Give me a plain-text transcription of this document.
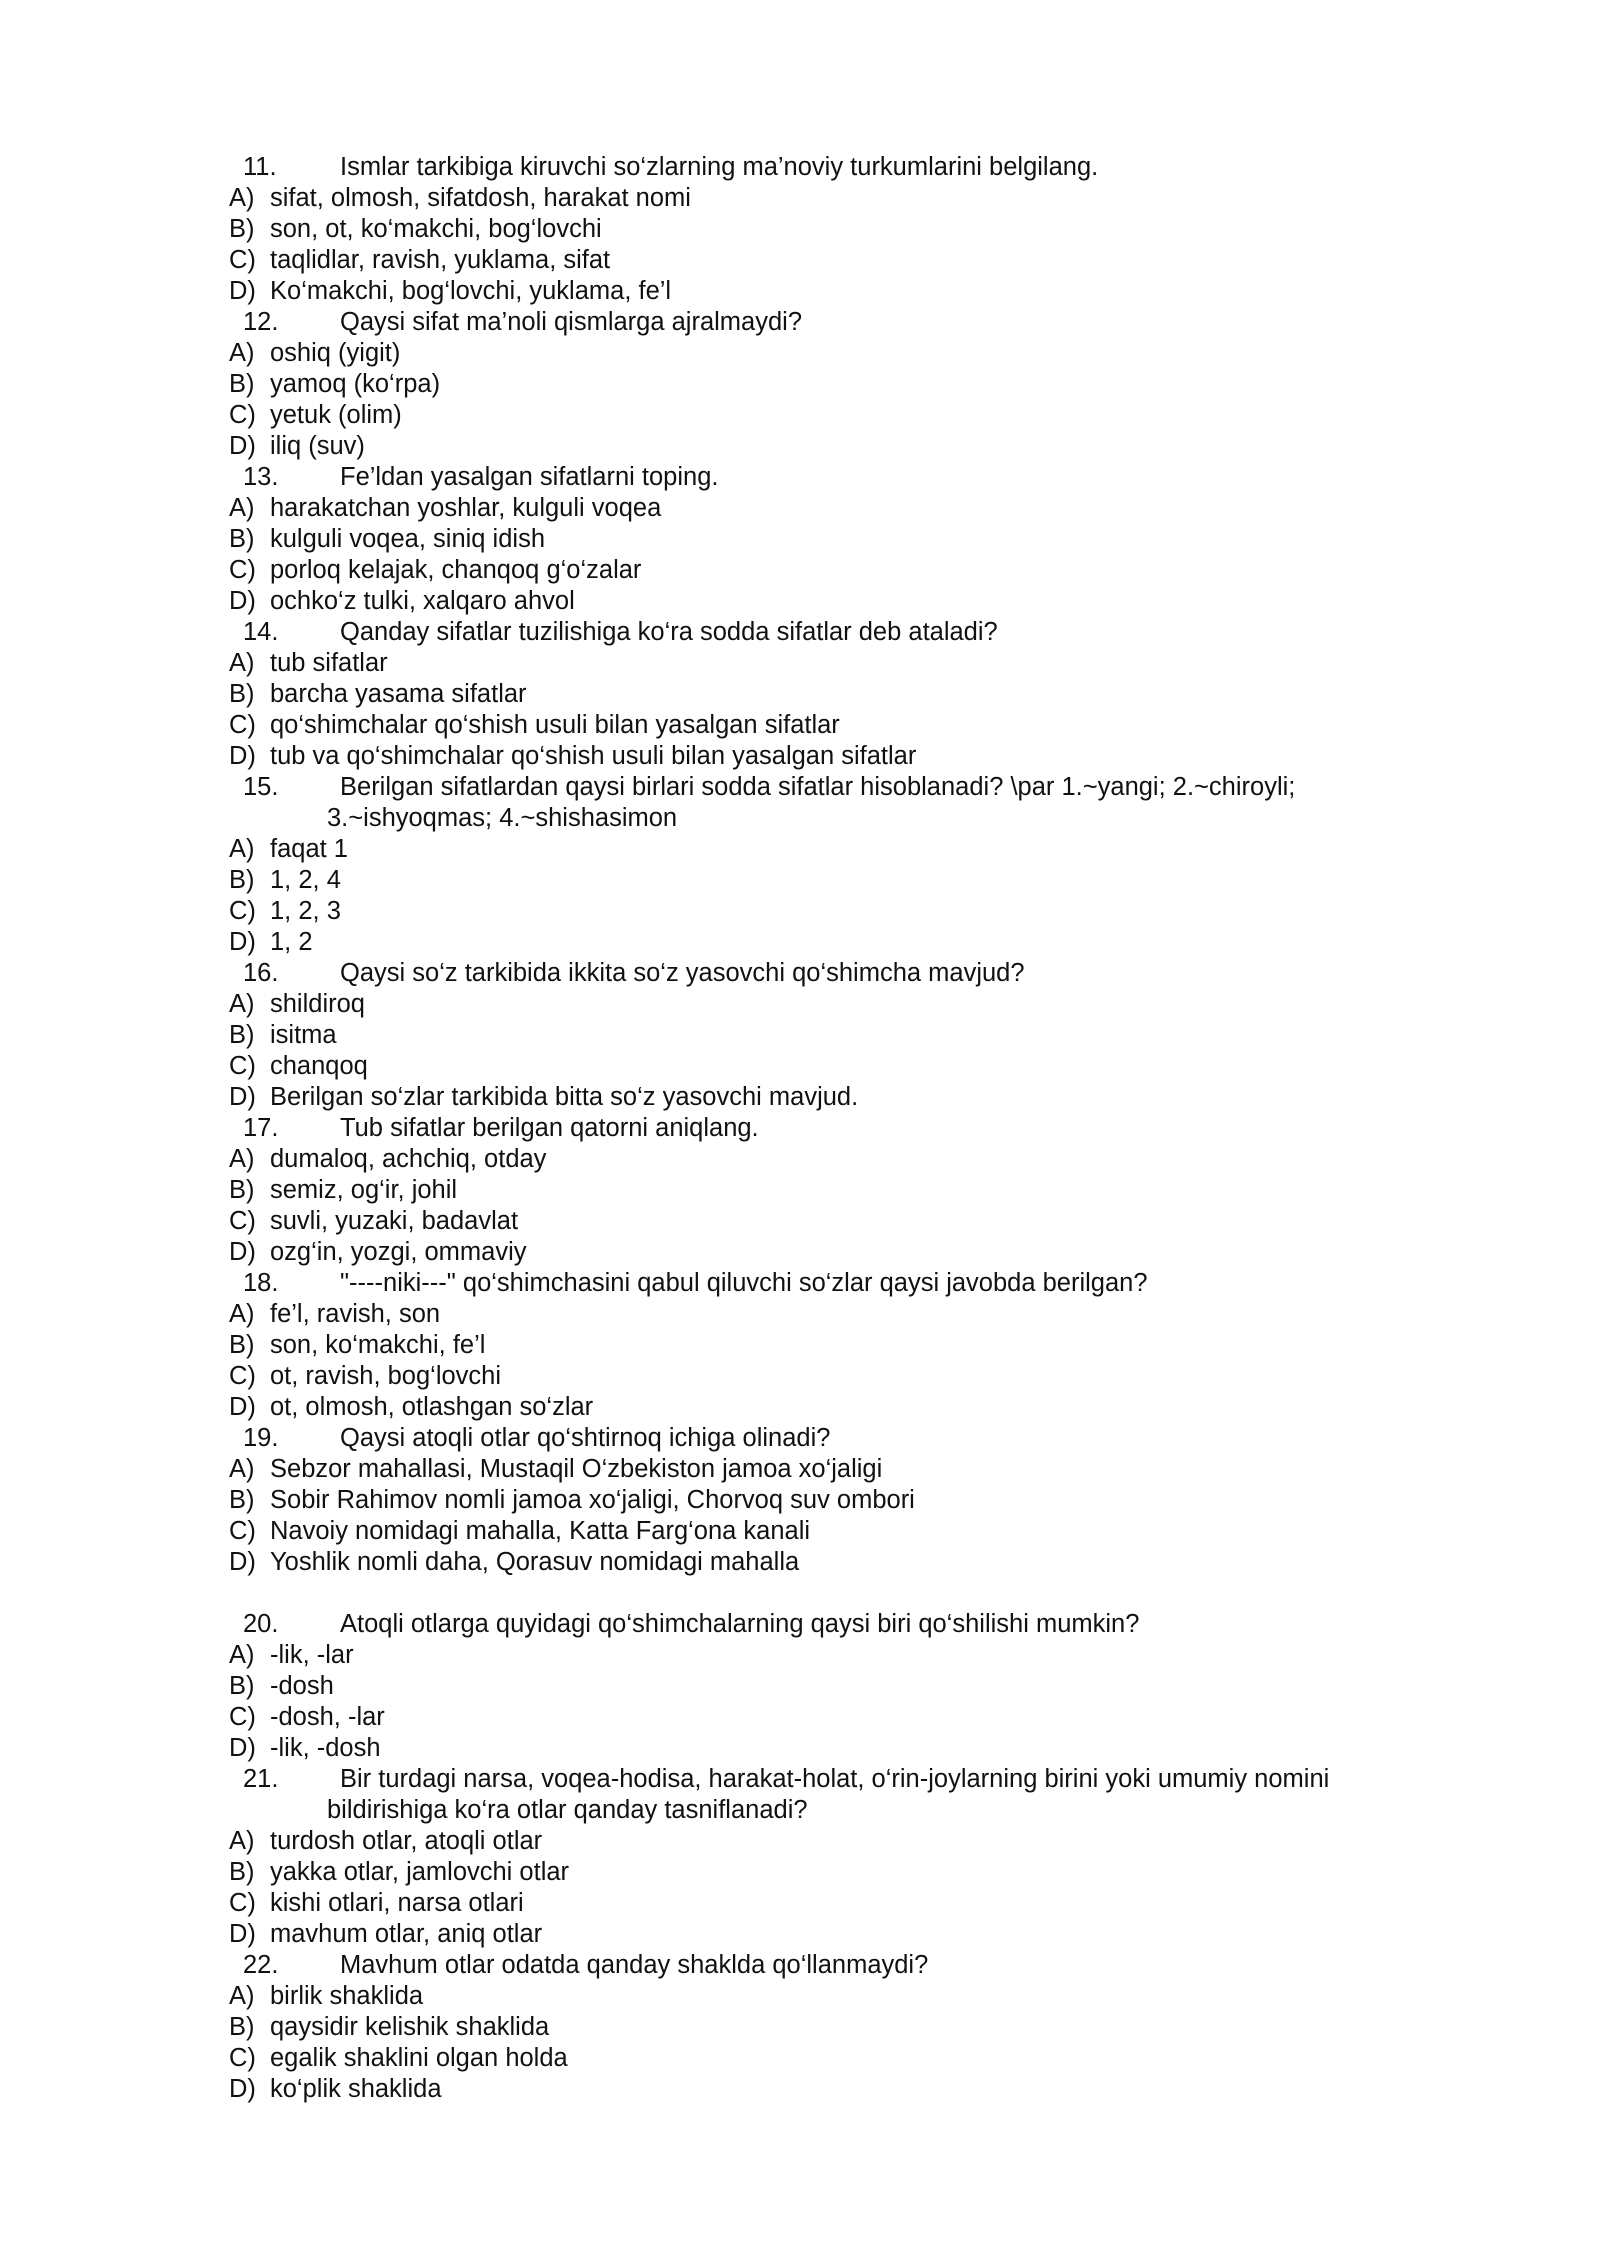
11. Ismlar tarkibiga kiruvchi so‘zlarning ma’noviy turkumlarini belgilang.
A) sifat, olmosh, sifatdosh, harakat nomi
B) son, ot, ko‘makchi, bog‘lovchi
C) taqlidlar, ravish, yuklama, sifat
D) Ko‘makchi, bog‘lovchi, yuklama, fe’l
12. Qaysi sifat ma’noli qismlarga ajralmaydi?
A) oshiq (yigit)
B) yamoq (ko‘rpa)
C) yetuk (olim)
D) iliq (suv)
13. Fe’ldan yasalgan sifatlarni toping.
A) harakatchan yoshlar, kulguli voqea
B) kulguli voqea, siniq idish
C) porloq kelajak, chanqoq g‘o‘zalar
D) ochko‘z tulki, xalqaro ahvol
14. Qanday sifatlar tuzilishiga ko‘ra sodda sifatlar deb ataladi?
A) tub sifatlar
B) barcha yasama sifatlar
C) qo‘shimchalar qo‘shish usuli bilan yasalgan sifatlar
D) tub va qo‘shimchalar qo‘shish usuli bilan yasalgan sifatlar
15. Berilgan sifatlardan qaysi birlari sodda sifatlar hisoblanadi? \par 1.~yangi; 2.~chiroyli;
3.~ishyoqmas; 4.~shishasimon
A) faqat 1
B) 1, 2, 4
C) 1, 2, 3
D) 1, 2
16. Qaysi so‘z tarkibida ikkita so‘z yasovchi qo‘shimcha mavjud?
A) shildiroq
B) isitma
C) chanqoq
D) Berilgan so‘zlar tarkibida bitta so‘z yasovchi mavjud.
17. Tub sifatlar berilgan qatorni aniqlang.
A) dumaloq, achchiq, otday
B) semiz, og‘ir, johil
C) suvli, yuzaki, badavlat
D) ozg‘in, yozgi, ommaviy
18. "----niki---" qo‘shimchasini qabul qiluvchi so‘zlar qaysi javobda berilgan?
A) fe’l, ravish, son
B) son, ko‘makchi, fe’l
C) ot, ravish, bog‘lovchi
D) ot, olmosh, otlashgan so‘zlar
19. Qaysi atoqli otlar qo‘shtirnoq ichiga olinadi?
A) Sebzor mahallasi, Mustaqil O‘zbekiston jamoa xo‘jaligi
B) Sobir Rahimov nomli jamoa xo‘jaligi, Chorvoq suv ombori
C) Navoiy nomidagi mahalla, Katta Farg‘ona kanali
D) Yoshlik nomli daha, Qorasuv nomidagi mahalla
20. Atoqli otlarga quyidagi qo‘shimchalarning qaysi biri qo‘shilishi mumkin?
A) -lik, -lar
B) -dosh
C) -dosh, -lar
D) -lik, -dosh
21. Bir turdagi narsa, voqea-hodisa, harakat-holat, o‘rin-joylarning birini yoki umumiy nomini
bildirishiga ko‘ra otlar qanday tasniflanadi?
A) turdosh otlar, atoqli otlar
B) yakka otlar, jamlovchi otlar
C) kishi otlari, narsa otlari
D) mavhum otlar, aniq otlar
22. Mavhum otlar odatda qanday shaklda qo‘llanmaydi?
A) birlik shaklida
B) qaysidir kelishik shaklida
C) egalik shaklini olgan holda
D) ko‘plik shaklida
